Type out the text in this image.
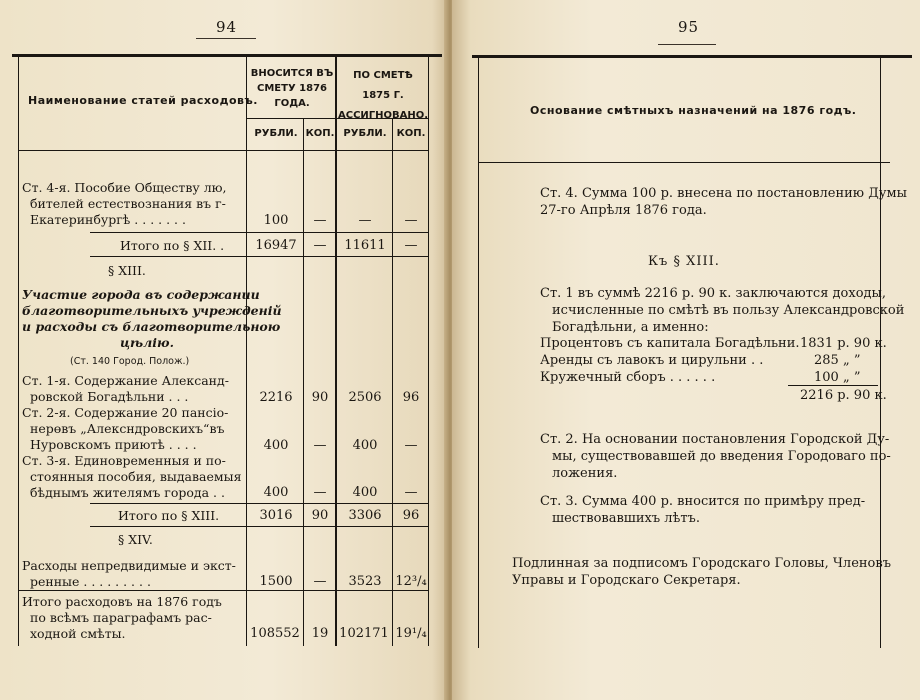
94
Наименование статей расходовъ.
ВНОСИТСЯ ВЪ СМЕТУ 1876 ГОДА.
ПО СМЕТѢ 1875 Г. АССИГНОВАНО.
РУБЛИ. КОП. РУБЛИ.	КОП.
Ст. 4-я. Пособие Обществу лю,
бителей естествознания въ г-
Екатеринбургѣ . . . . . . .	100	—	—	—
Итого по § XII. .	16947	—	11611	—
§ XIII.
Участие города въ содержании
благотворительныхъ учрежденій
и расходы съ благотворительною
цѣлію.
(Ст. 140 Город. Полож.)
Ст. 1-я. Содержание Александ-
ровской Богадѣльни . . .	2216	90	2506	96
Ст. 2-я. Содержание 20 пансіо-
нерөвъ „Алексндровскихъ“въ
Нуровскомъ приютѣ . . . .	400	—	400	—
Ст. 3-я. Единовременныя и по-
стоянныя пособия, выдаваемыя
бѣднымъ жителямъ города . .	400	—	400	—
Итого по § XIII.	3016	90	3306	96
§ XIV.
Расходы непредвидимые и экст-
ренные . . . . . . . . .	1500	—	3523	12³/₄
Итого расходовъ на 1876 годъ
по всѣмъ параграфамъ рас-
ходной смѣты.	108552 19 102171 19¹/₄
95
Основание смѣтныхъ назначений на 1876 годъ.
Ст. 4. Сумма 100 р. внесена по постановлению Думы
27-го Апрѣля 1876 года.
Къ § XIII.
Ст. 1 въ суммѣ 2216 р. 90 к. заключаются доходы,
исчисленные по смѣтѣ въ пользу Александровской
Богадѣльни, а именно:
Процентовъ съ капитала Богадѣльни. 1831 р. 90 к.
Аренды съ лавокъ и цирульни . .	285 „ ”
Кружечный сборъ . . . . . .	100 „ ”
2216 р. 90 к.
Ст. 2. На основании постановления Городской Ду-
мы, существовавшей до введения Городоваго по-
ложения.
Ст. 3. Сумма 400 р. вносится по примѣру пред-
шествовавшихъ лѣтъ.
Подлинная за подписомъ Городскаго Головы, Членовъ
Управы и Городскаго Секретаря.
